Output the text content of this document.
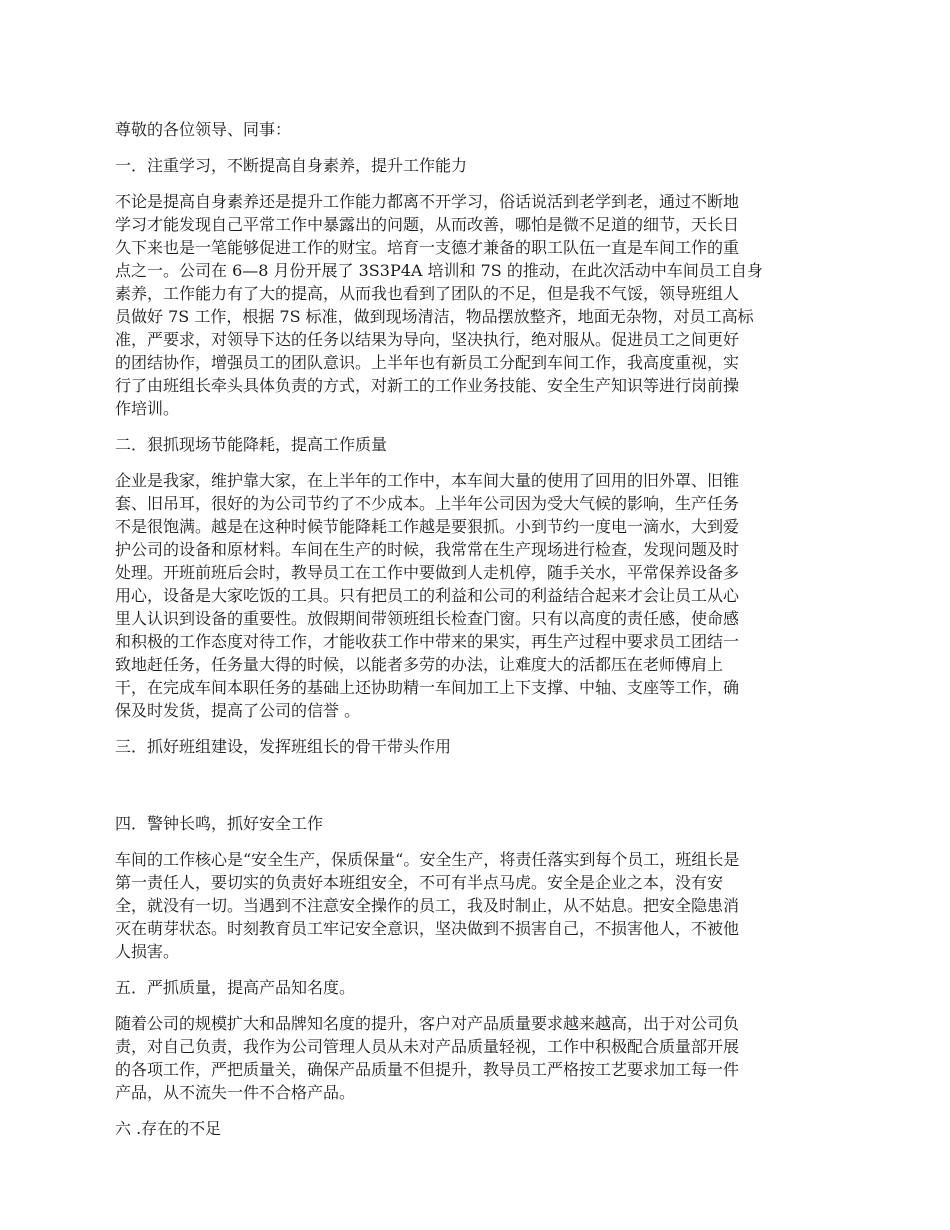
尊敬的各位领导、同事：

一．注重学习，不断提高自身素养，提升工作能力

不论是提高自身素养还是提升工作能力都离不开学习，俗话说活到老学到老，通过不断地

学习才能发现自己平常工作中暴露出的问题，从而改善，哪怕是微不足道的细节，天长日

久下来也是一笔能够促进工作的财宝。培育一支德才兼备的职工队伍一直是车间工作的重

点之一。公司在 6—8 月份开展了 3S3P4A 培训和 7S 的推动，在此次活动中车间员工自身

素养，工作能力有了大的提高，从而我也看到了团队的不足，但是我不气馁，领导班组人

员做好 7S 工作，根据 7S 标准，做到现场清洁，物品摆放整齐，地面无杂物，对员工高标

准，严要求，对领导下达的任务以结果为导向，坚决执行，绝对服从。促进员工之间更好

的团结协作，增强员工的团队意识。上半年也有新员工分配到车间工作，我高度重视，实

行了由班组长牵头具体负责的方式，对新工的工作业务技能、安全生产知识等进行岗前操

作培训。

二．狠抓现场节能降耗，提高工作质量

企业是我家，维护靠大家，在上半年的工作中，本车间大量的使用了回用的旧外罩、旧锥

套、旧吊耳，很好的为公司节约了不少成本。上半年公司因为受大气候的影响，生产任务

不是很饱满。越是在这种时候节能降耗工作越是要狠抓。小到节约一度电一滴水，大到爱

护公司的设备和原材料。车间在生产的时候，我常常在生产现场进行检查，发现问题及时

处理。开班前班后会时，教导员工在工作中要做到人走机停，随手关水，平常保养设备多

用心，设备是大家吃饭的工具。只有把员工的利益和公司的利益结合起来才会让员工从心

里人认识到设备的重要性。放假期间带领班组长检查门窗。只有以高度的责任感，使命感

和积极的工作态度对待工作，才能收获工作中带来的果实，再生产过程中要求员工团结一

致地赶任务，任务量大得的时候，以能者多劳的办法，让难度大的活都压在老师傅肩上

干，在完成车间本职任务的基础上还协助精一车间加工上下支撑、中轴、支座等工作，确

保及时发货，提高了公司的信誉 。

三．抓好班组建设，发挥班组长的骨干带头作用

四．警钟长鸣，抓好安全工作

车间的工作核心是“安全生产，保质保量“。安全生产，将责任落实到每个员工，班组长是

第一责任人，要切实的负责好本班组安全，不可有半点马虎。安全是企业之本，没有安

全，就没有一切。当遇到不注意安全操作的员工，我及时制止，从不姑息。把安全隐患消

灭在萌芽状态。时刻教育员工牢记安全意识，坚决做到不损害自己，不损害他人，不被他

人损害。

五．严抓质量，提高产品知名度。

随着公司的规模扩大和品牌知名度的提升，客户对产品质量要求越来越高，出于对公司负

责，对自己负责，我作为公司管理人员从未对产品质量轻视，工作中积极配合质量部开展

的各项工作，严把质量关，确保产品质量不但提升，教导员工严格按工艺要求加工每一件

产品，从不流失一件不合格产品。

六 .存在的不足
